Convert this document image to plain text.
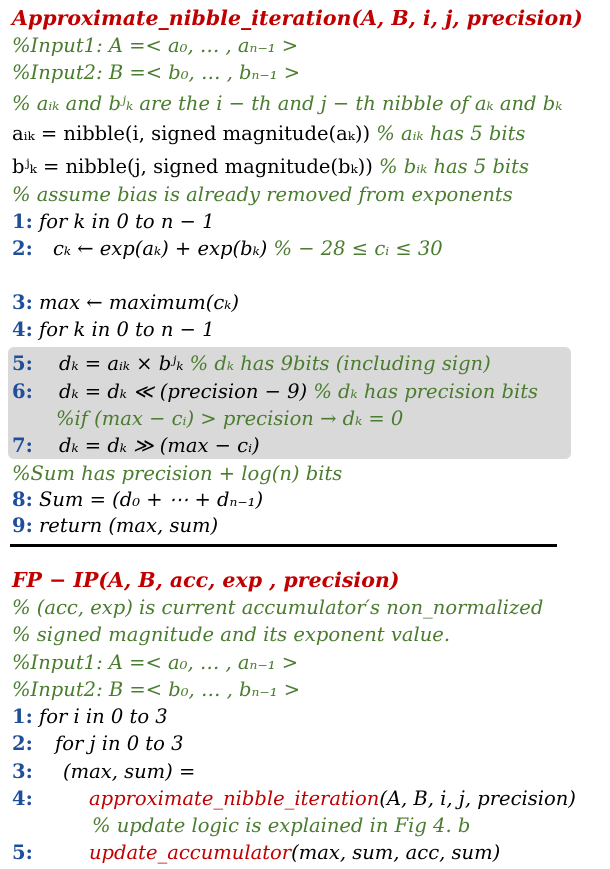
Approximate_nibble_iteration(A, B, i, j, precision)
%Input1: A =< a₀, … , aₙ₋₁ >
%Input2: B =< b₀, … , bₙ₋₁ >
% aᵢₖ and bʲₖ are the i − th and j − th nibble of aₖ and bₖ
aᵢₖ = nibble(i, signed magnitude(aₖ)) % aᵢₖ has 5 bits
bʲₖ = nibble(j, signed magnitude(bₖ)) % bᵢₖ has 5 bits
% assume bias is already removed from exponents
1: for k in 0 to n − 1
2: cₖ ← exp(aₖ) + exp(bₖ) % − 28 ≤ cᵢ ≤ 30
3: max ← maximum(cₖ)
4: for k in 0 to n − 1
5: dₖ = aᵢₖ × bʲₖ % dₖ has 9bits (including sign)
6: dₖ = dₖ ≪ (precision − 9) % dₖ has precision bits
%if (max − cᵢ) > precision → dₖ = 0
7: dₖ = dₖ ≫ (max − cᵢ)
%Sum has precision + log(n) bits
8: Sum = (d₀ + ⋯ + dₙ₋₁)
9: return (max, sum)
FP − IP(A, B, acc, exp , precision)
% (acc, exp) is current accumulator′s non_normalized
% signed magnitude and its exponent value.
%Input1: A =< a₀, … , aₙ₋₁ >
%Input2: B =< b₀, … , bₙ₋₁ >
1: for i in 0 to 3
2: for j in 0 to 3
3: (max, sum) =
4:	approximate_nibble_iteration(A, B, i, j, precision)
% update logic is explained in Fig 4. b
5:	update_accumulator(max, sum, acc, sum)
